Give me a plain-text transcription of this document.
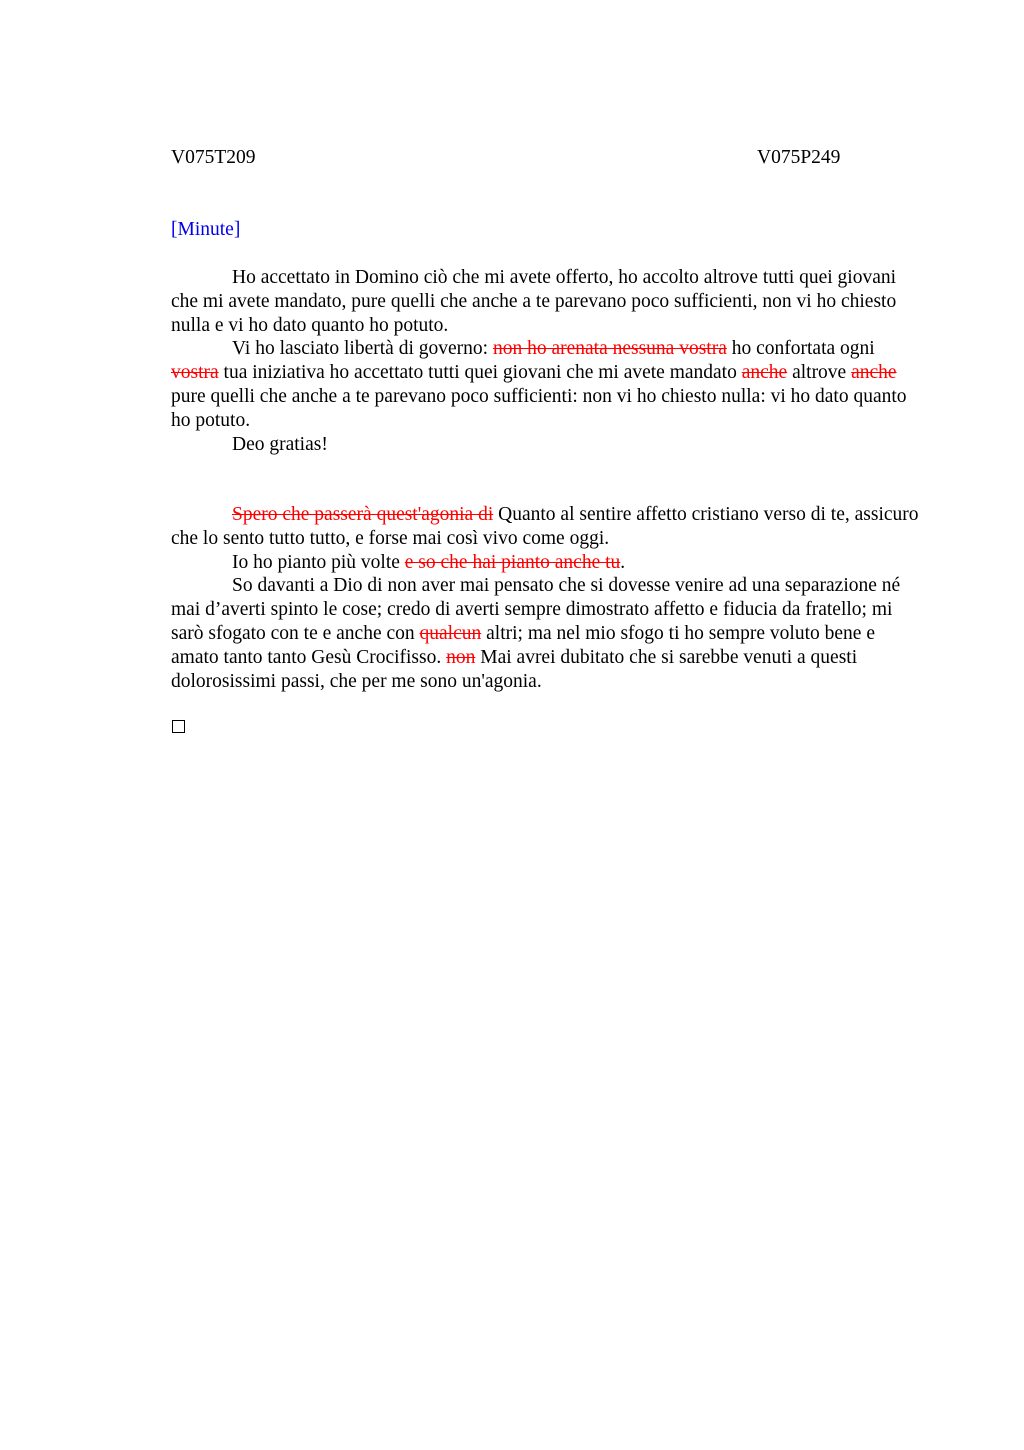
V075T209	V075P249
[Minute]

Ho accettato in Domino ciò che mi avete offerto, ho accolto altrove tutti quei giovani che mi avete mandato, pure quelli che anche a te parevano poco sufficienti, non vi ho chiesto nulla e vi ho dato quanto ho potuto.

Vi ho lasciato libertà di governo: non ho arenata nessuna vostra ho confortata ogni vostra tua iniziativa ho accettato tutti quei giovani che mi avete mandato anche altrove anche pure quelli che anche a te parevano poco sufficienti: non vi ho chiesto nulla: vi ho dato quanto ho potuto.

Deo gratias!

Spero che passerà quest'agonia di Quanto al sentire affetto cristiano verso di te, assicuro che lo sento tutto tutto, e forse mai così vivo come oggi.

Io ho pianto più volte e so che hai pianto anche tu.

So davanti a Dio di non aver mai pensato che si dovesse venire ad una separazione né mai d’averti spinto le cose; credo di averti sempre dimostrato affetto e fiducia da fratello; mi sarò sfogato con te e anche con qualcun altri; ma nel mio sfogo ti ho sempre voluto bene e amato tanto tanto Gesù Crocifisso. non Mai avrei dubitato che si sarebbe venuti a questi dolorosissimi passi, che per me sono un'agonia.
